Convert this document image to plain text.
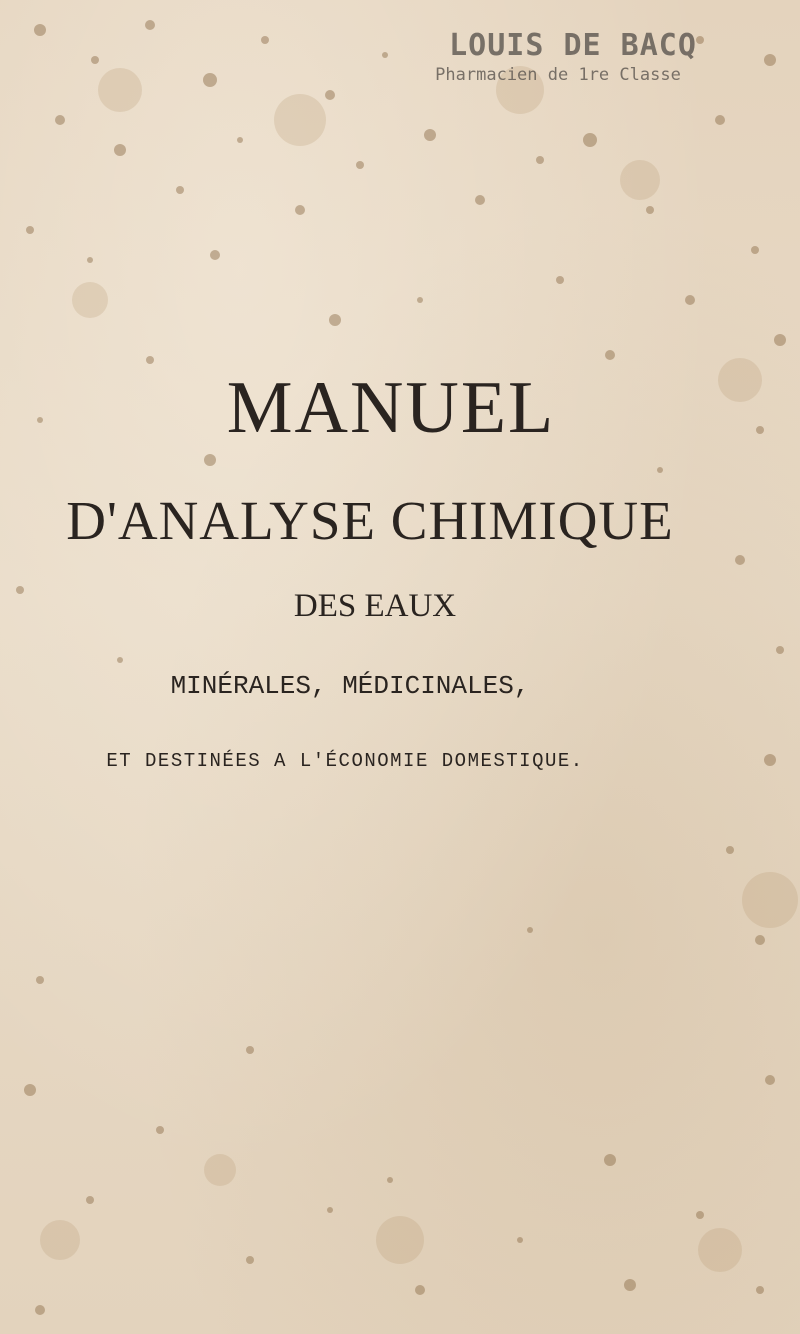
LOUIS DE BACQ
Pharmacien de 1re Classe
MANUEL
D'ANALYSE CHIMIQUE
DES EAUX
MINÉRALES, MÉDICINALES,
ET DESTINÉES A L'ÉCONOMIE DOMESTIQUE.
